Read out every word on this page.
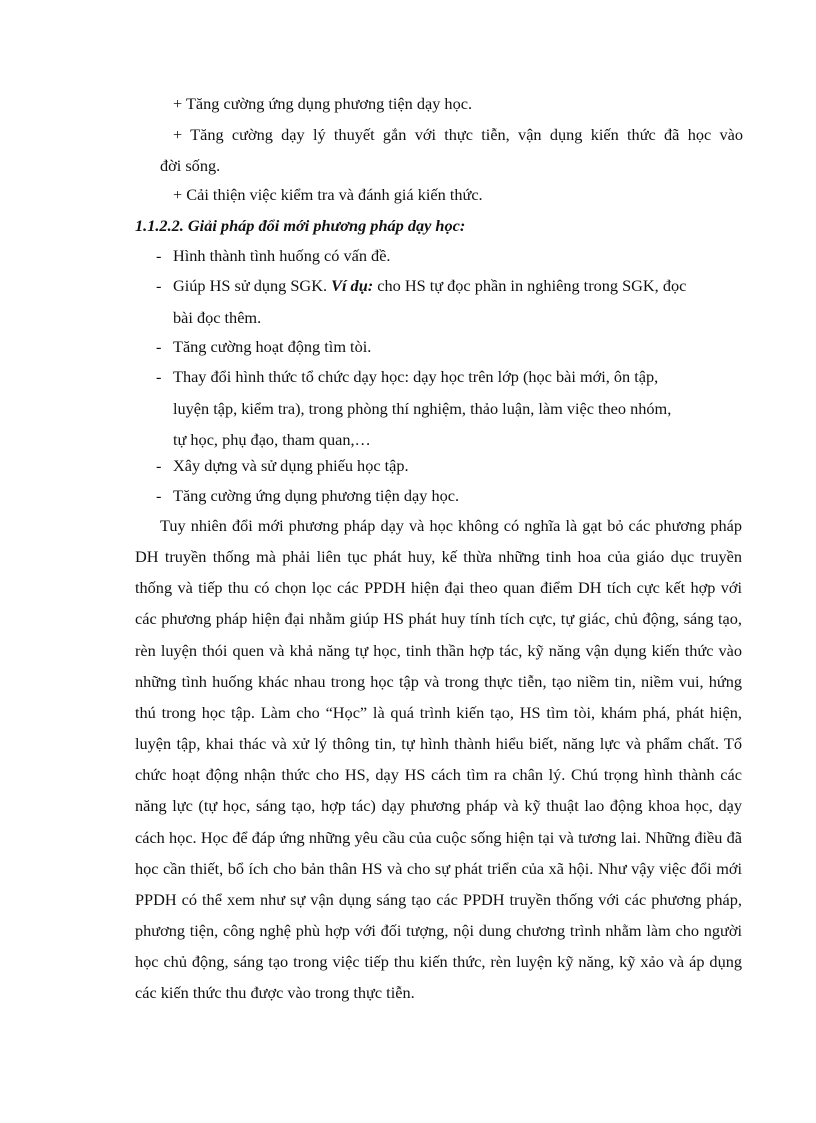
+ Tăng cường ứng dụng phương tiện dạy học.
+ Tăng cường dạy lý thuyết gắn với thực tiễn, vận dụng kiến thức đã học vào
đời sống.
+ Cải thiện việc kiểm tra và đánh giá kiến thức.
1.1.2.2. Giải pháp đổi mới phương pháp dạy học:
- Hình thành tình huống có vấn đề.
- Giúp HS sử dụng SGK. Ví dụ: cho HS tự đọc phần in nghiêng trong SGK, đọc
bài đọc thêm.
- Tăng cường hoạt động tìm tòi.
- Thay đổi hình thức tổ chức dạy học: dạy học trên lớp (học bài mới, ôn tập,
luyện tập, kiểm tra), trong phòng thí nghiệm, thảo luận, làm việc theo nhóm,
tự học, phụ đạo, tham quan,…
- Xây dựng và sử dụng phiếu học tập.
- Tăng cường ứng dụng phương tiện dạy học.

Tuy nhiên đổi mới phương pháp dạy và học không có nghĩa là gạt bỏ các phương pháp DH truyền thống mà phải liên tục phát huy, kế thừa những tinh hoa của giáo dục truyền thống và tiếp thu có chọn lọc các PPDH hiện đại theo quan điểm DH tích cực kết hợp với các phương pháp hiện đại nhằm giúp HS phát huy tính tích cực, tự giác, chủ động, sáng tạo, rèn luyện thói quen và khả năng tự học, tinh thần hợp tác, kỹ năng vận dụng kiến thức vào những tình huống khác nhau trong học tập và trong thực tiễn, tạo niềm tin, niềm vui, hứng thú trong học tập. Làm cho “Học” là quá trình kiến tạo, HS tìm tòi, khám phá, phát hiện, luyện tập, khai thác và xử lý thông tin, tự hình thành hiểu biết, năng lực và phẩm chất. Tổ chức hoạt động nhận thức cho HS, dạy HS cách tìm ra chân lý. Chú trọng hình thành các năng lực (tự học, sáng tạo, hợp tác) dạy phương pháp và kỹ thuật lao động khoa học, dạy cách học. Học để đáp ứng những yêu cầu của cuộc sống hiện tại và tương lai. Những điều đã học cần thiết, bổ ích cho bản thân HS và cho sự phát triển của xã hội. Như vậy việc đổi mới PPDH có thể xem như sự vận dụng sáng tạo các PPDH truyền thống với các phương pháp, phương tiện, công nghệ phù hợp với đối tượng, nội dung chương trình nhằm làm cho người học chủ động, sáng tạo trong việc tiếp thu kiến thức, rèn luyện kỹ năng, kỹ xảo và áp dụng các kiến thức thu được vào trong thực tiễn.
